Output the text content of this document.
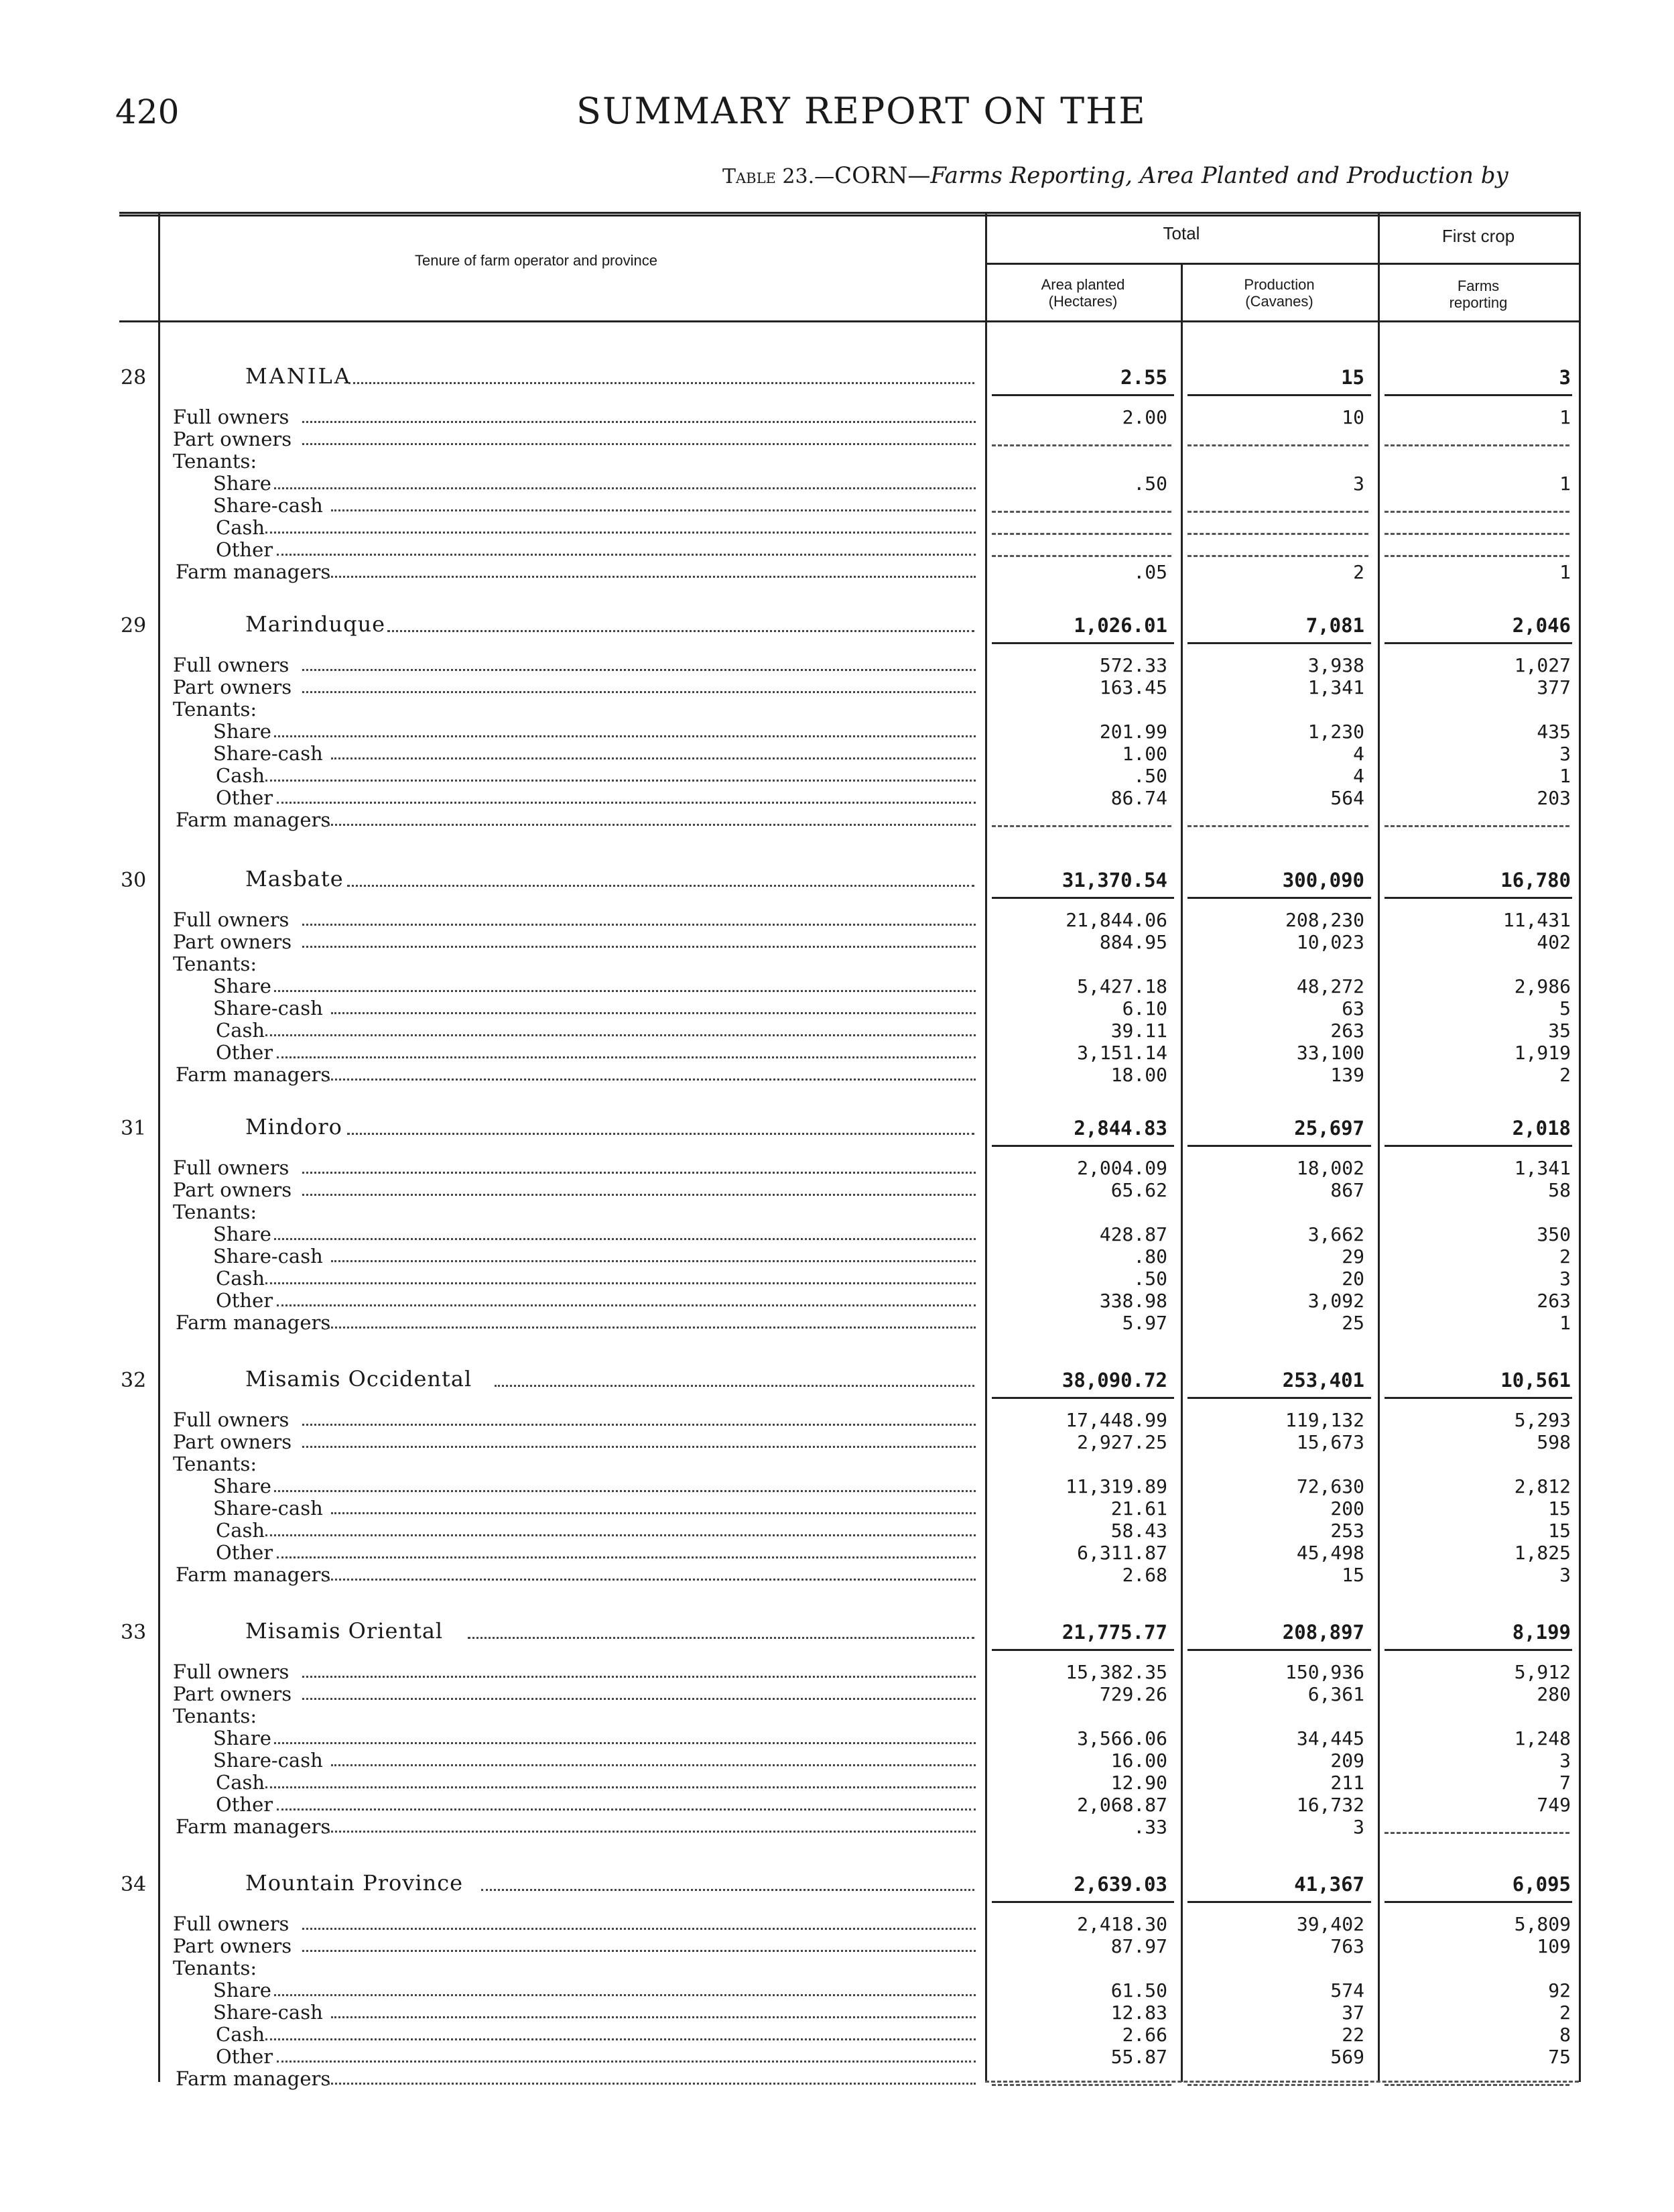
420	SUMMARY REPORT ON THE
Table 23.—CORN—Farms Reporting, Area Planted and Production by
Tenure of farm operator and province
Total	First crop
Area planted
(Hectares)
Production
(Cavanes)
Farms
reporting
28	MANILA	2.55	15	3
Full owners	2.00	10	1
Part owners
Tenants:
Share	.50	3	1
Share-cash
Cash
Other
Farm managers	.05	2	1
29	Marinduque	1,026.01	7,081	2,046
Full owners	572.33	3,938	1,027
Part owners	163.45	1,341	377
Tenants:
Share	201.99	1,230	435
Share-cash	1.00	4	3
Cash	.50	4	1
Other	86.74	564	203
Farm managers
30	Masbate	31,370.54	300,090	16,780
Full owners	21,844.06	208,230	11,431
Part owners	884.95	10,023	402
Tenants:
Share	5,427.18	48,272	2,986
Share-cash	6.10	63	5
Cash	39.11	263	35
Other	3,151.14	33,100	1,919
Farm managers	18.00	139	2
31	Mindoro	2,844.83	25,697	2,018
Full owners	2,004.09	18,002	1,341
Part owners	65.62	867	58
Tenants:
Share	428.87	3,662	350
Share-cash	.80	29	2
Cash	.50	20	3
Other	338.98	3,092	263
Farm managers	5.97	25	1
32	Misamis Occidental	38,090.72	253,401	10,561
Full owners	17,448.99	119,132	5,293
Part owners	2,927.25	15,673	598
Tenants:
Share	11,319.89	72,630	2,812
Share-cash	21.61	200	15
Cash	58.43	253	15
Other	6,311.87	45,498	1,825
Farm managers	2.68	15	3
33	Misamis Oriental	21,775.77	208,897	8,199
Full owners	15,382.35	150,936	5,912
Part owners	729.26	6,361	280
Tenants:
Share	3,566.06	34,445	1,248
Share-cash	16.00	209	3
Cash	12.90	211	7
Other	2,068.87	16,732	749
Farm managers	.33	3
34	Mountain Province	2,639.03	41,367	6,095
Full owners	2,418.30	39,402	5,809
Part owners	87.97	763	109
Tenants:
Share	61.50	574	92
Share-cash	12.83	37	2
Cash	2.66	22	8
Other	55.87	569	75
Farm managers
